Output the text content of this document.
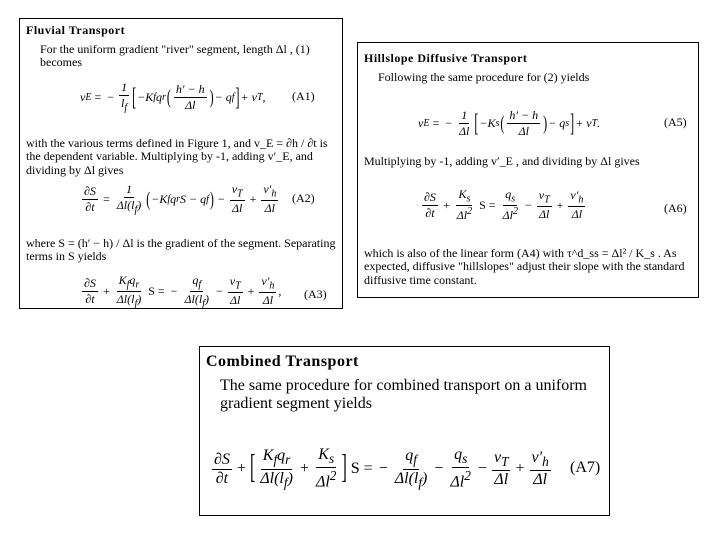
Fluvial Transport
For the uniform gradient "river" segment, length Δl , (1) becomes
v E = − $\frac{1}{l_f}$ [ −K f q r ( $\frac{h' - h}{\Delta l}$ ) − q f ] + v T , (A1)
with the various terms defined in Figure 1, and v_E = ∂h / ∂t is the dependent variable. Multiplying by -1, adding v′_E, and dividing by Δl gives
$\frac{\partial S}{\partial t} = \frac{1}{\Delta l(l_f)}$ ( −K f q r S − q f ) − $\frac{v_T}{\Delta l} + \frac{v'_h}{\Delta l} (A2)$
where S = (h′ − h) / Δl is the gradient of the segment. Separating terms in S yields
$\frac{\partial S}{\partial t} + \frac{K_fq_r}{\Delta l(l_f)}$ S = − $\frac{q_f}{\Delta l(l_f)} - \frac{v_T}{\Delta l} + \frac{v'_h}{\Delta l}$ , (A3)
Hillslope Diffusive Transport
Following the same procedure for (2) yields
v E = − $\frac{1}{\Delta l}$ [ −K s ( $\frac{h' - h}{\Delta l}$ ) − q s ] + v T .	(A5)
Multiplying by -1, adding v′_E , and dividing by Δl gives
$\frac{\partial S}{\partial t} + \frac{K_s}{\Delta l^2}$ $S = \frac{q_s}{\Delta l^2} - \frac{v_T}{\Delta l} + \frac{v'_h}{\Delta l}$	(A6)
which is also of the linear form (A4) with τ^d_ss = Δl² / K_s . As expected, diffusive "hillslopes" adjust their slope with the standard diffusive time constant.
Combined Transport
The same procedure for combined transport on a uniform gradient segment yields
$\frac{\partial S}{\partial t}$ + [ $\frac{K_fq_r}{\Delta l(l_f)} + \frac{K_s}{\Delta l^2}$ ] S = − $\frac{q_f}{\Delta l(l_f)} - \frac{q_s}{\Delta l^2} - \frac{v_T}{\Delta l} + \frac{v'_h}{\Delta l} (A7)$
